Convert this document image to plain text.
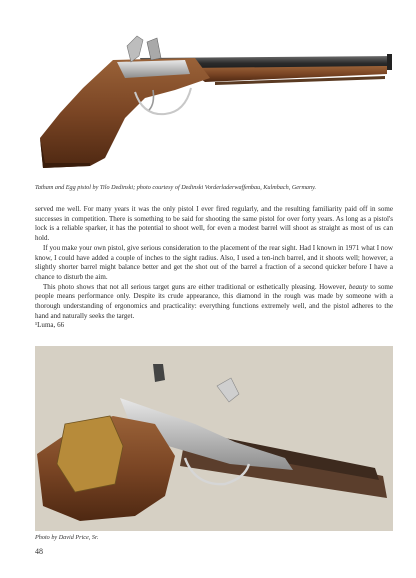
Tatham and Egg pistol by Tilo Dedinski; photo courtesy of Dedinski Vorderladerwaffenbau, Kulmbach, Germany.

served me well. For many years it was the only pistol I ever fired regularly, and the resulting familiarity paid off in some successes in competition. There is something to be said for shooting the same pistol for over forty years. As long as a pistol's lock is a reliable sparker, it has the potential to shoot well, for even a modest barrel will shoot as straight as most of us can hold.

If you make your own pistol, give serious consideration to the placement of the rear sight. Had I known in 1971 what I now know, I could have added a couple of inches to the sight radius. Also, I used a ten-inch barrel, and it shoots well; however, a slightly shorter barrel might balance better and get the shot out of the barrel a fraction of a second quicker before I have a chance to disturb the aim.

This photo shows that not all serious target guns are either traditional or esthetically pleasing. However, beauty to some people means performance only. Despite its crude appearance, this diamond in the rough was made by someone with a thorough understanding of ergonomics and practicality: everything functions extremely well, and the pistol adheres to the hand and naturally seeks the target.

¹Luma, 66

Photo by David Price, Sr.
48
